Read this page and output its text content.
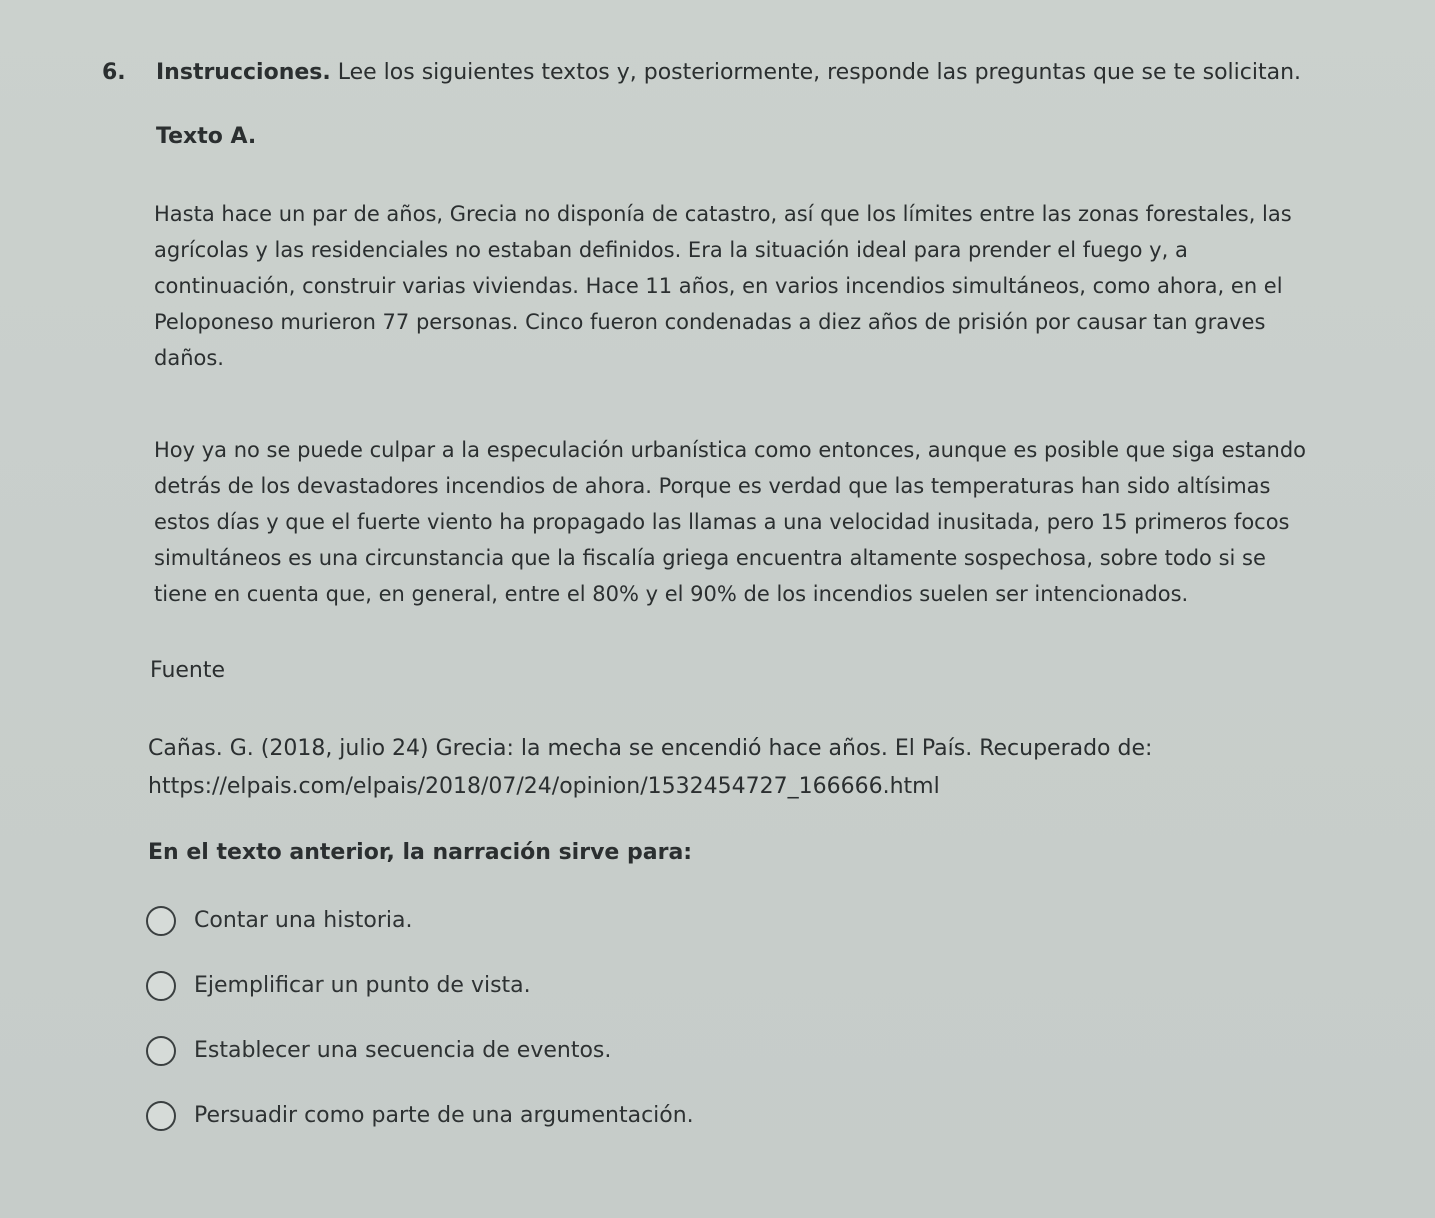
6. Instrucciones. Lee los siguientes textos y, posteriormente, responde las preguntas que se te solicitan.
Texto A.
Hasta hace un par de años, Grecia no disponía de catastro, así que los límites entre las zonas forestales, las
agrícolas y las residenciales no estaban definidos. Era la situación ideal para prender el fuego y, a
continuación, construir varias viviendas. Hace 11 años, en varios incendios simultáneos, como ahora, en el
Peloponeso murieron 77 personas. Cinco fueron condenadas a diez años de prisión por causar tan graves
daños.
Hoy ya no se puede culpar a la especulación urbanística como entonces, aunque es posible que siga estando
detrás de los devastadores incendios de ahora. Porque es verdad que las temperaturas han sido altísimas
estos días y que el fuerte viento ha propagado las llamas a una velocidad inusitada, pero 15 primeros focos
simultáneos es una circunstancia que la fiscalía griega encuentra altamente sospechosa, sobre todo si se
tiene en cuenta que, en general, entre el 80% y el 90% de los incendios suelen ser intencionados.
Fuente
Cañas. G. (2018, julio 24) Grecia: la mecha se encendió hace años. El País. Recuperado de:
https://elpais.com/elpais/2018/07/24/opinion/1532454727_166666.html
En el texto anterior, la narración sirve para:
Contar una historia.
Ejemplificar un punto de vista.
Establecer una secuencia de eventos.
Persuadir como parte de una argumentación.
